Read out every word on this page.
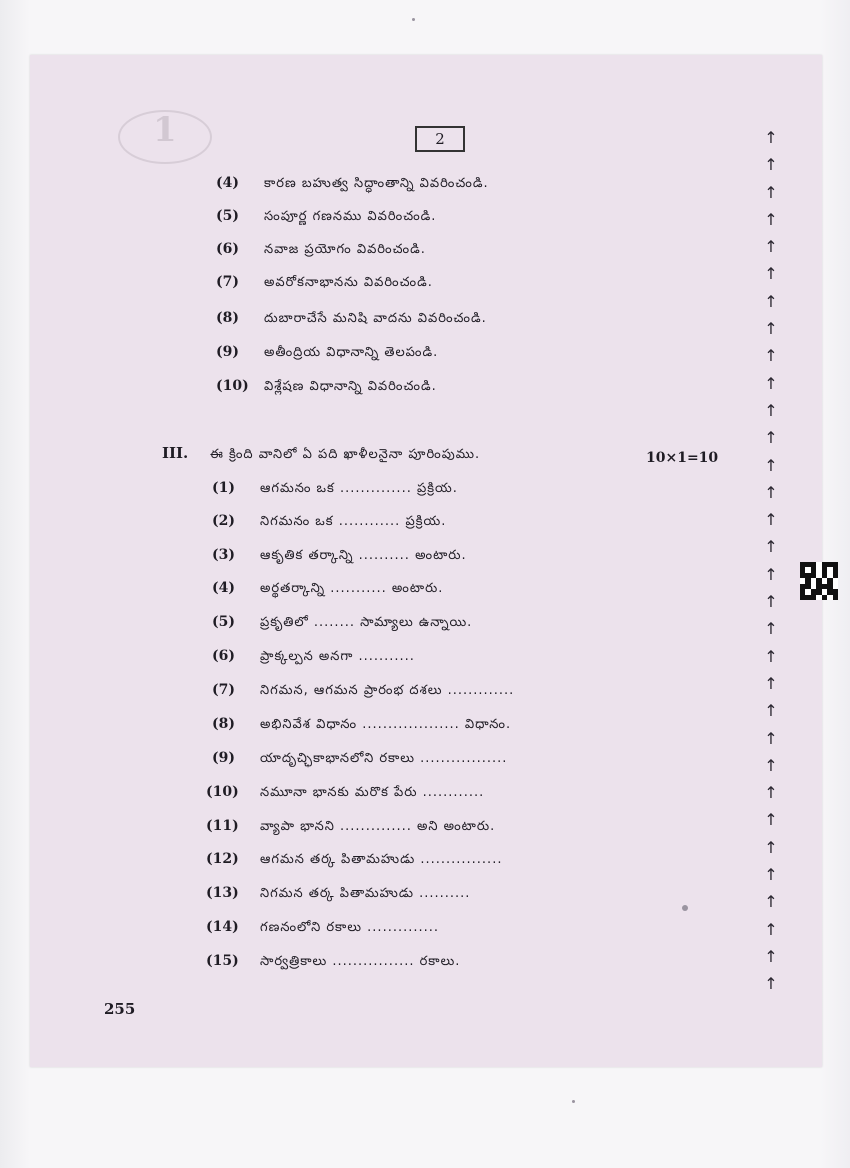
1	2
(4)	కారణ బహుత్వ సిద్ధాంతాన్ని వివరించండి.
(5)	సంపూర్ణ గణనము వివరించండి.
(6)	నవాజ ప్రయోగం వివరించండి.
(7)	అవరోకనాభానను వివరించండి.
(8)	దుబారాచేసే మనిషి వాదను వివరించండి.
(9)	అతీంద్రియ విధానాన్ని తెలపండి.
(10)	విశ్లేషణ విధానాన్ని వివరించండి.
III. ఈ క్రింది వానిలో ఏ పది ఖాళీలనైనా పూరింపుము.	10×1=10
(1)	ఆగమనం ఒక .............. ప్రక్రియ.
(2)	నిగమనం ఒక ............ ప్రక్రియ.
(3)	ఆకృతిక తర్కాన్ని .......... అంటారు.
(4)	అర్థతర్కాన్ని ........... అంటారు.
(5)	ప్రకృతిలో ........ సామ్యాలు ఉన్నాయి.
(6)	ప్రాక్కల్పన అనగా ...........
(7)	నిగమన, ఆగమన ప్రారంభ దశలు .............
(8)	అభినివేశ విధానం ................... విధానం.
(9)	యాదృచ్ఛికాభానలోని రకాలు .................
(10)	నమూనా భానకు మరొక పేరు ............
(11)	వ్యాపా భానని .............. అని అంటారు.
(12)	ఆగమన తర్క పితామహుడు ................
(13)	నిగమన తర్క పితామహుడు ..........
(14)	గణనంలోని రకాలు ..............
(15)	సార్వత్రికాలు ................ రకాలు.
255
↑
↑
↑
↑
↑
↑
↑
↑
↑
↑
↑
↑
↑
↑
↑
↑
↑
↑
↑
↑
↑
↑
↑
↑
↑
↑
↑
↑
↑
↑
↑
↑
